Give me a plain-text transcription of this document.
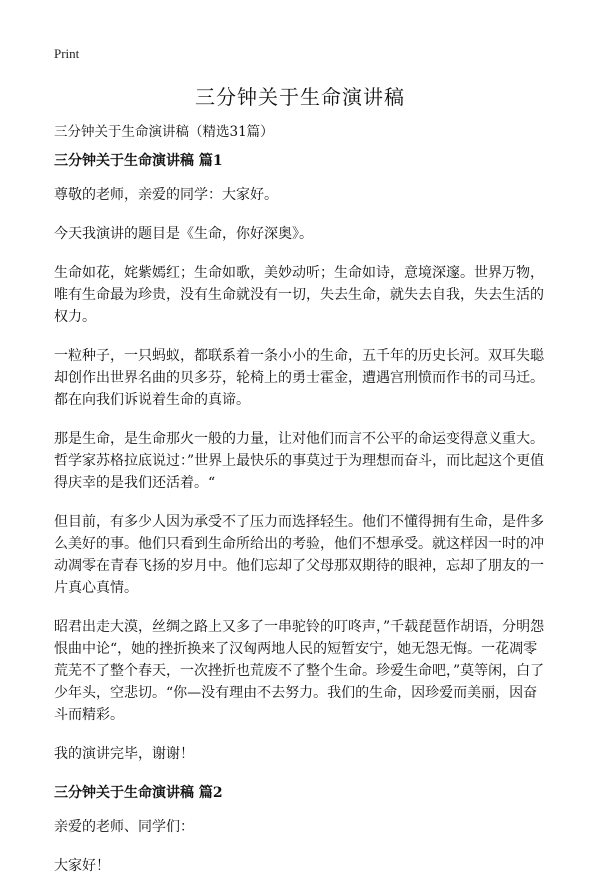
Print
三分钟关于生命演讲稿
三分钟关于生命演讲稿（精选31篇）
三分钟关于生命演讲稿 篇1

尊敬的老师，亲爱的同学：大家好。

今天我演讲的题目是《生命，你好深奥》。

生命如花，姹紫嫣红；生命如歌，美妙动听；生命如诗，意境深邃。世界万物，唯有生命最为珍贵，没有生命就没有一切，失去生命，就失去自我，失去生活的权力。

一粒种子，一只蚂蚁，都联系着一条小小的生命，五千年的历史长河。双耳失聪却创作出世界名曲的贝多芬，轮椅上的勇士霍金，遭遇宫刑愤而作书的司马迁。都在向我们诉说着生命的真谛。

那是生命，是生命那火一般的力量，让对他们而言不公平的命运变得意义重大。哲学家苏格拉底说过：”世界上最快乐的事莫过于为理想而奋斗，而比起这个更值得庆幸的是我们还活着。“

但目前，有多少人因为承受不了压力而选择轻生。他们不懂得拥有生命，是件多么美好的事。他们只看到生命所给出的考验，他们不想承受。就这样因一时的冲动凋零在青春飞扬的岁月中。他们忘却了父母那双期待的眼神，忘却了朋友的一片真心真情。

昭君出走大漠，丝绸之路上又多了一串驼铃的叮咚声，”千载琵琶作胡语，分明怨恨曲中论“，她的挫折换来了汉匈两地人民的短暂安宁，她无怨无悔。一花凋零荒芜不了整个春天，一次挫折也荒废不了整个生命。珍爱生命吧，”莫等闲，白了少年头，空悲切。“你—没有理由不去努力。我们的生命，因珍爱而美丽，因奋斗而精彩。

我的演讲完毕，谢谢！

三分钟关于生命演讲稿 篇2

亲爱的老师、同学们：

大家好！
